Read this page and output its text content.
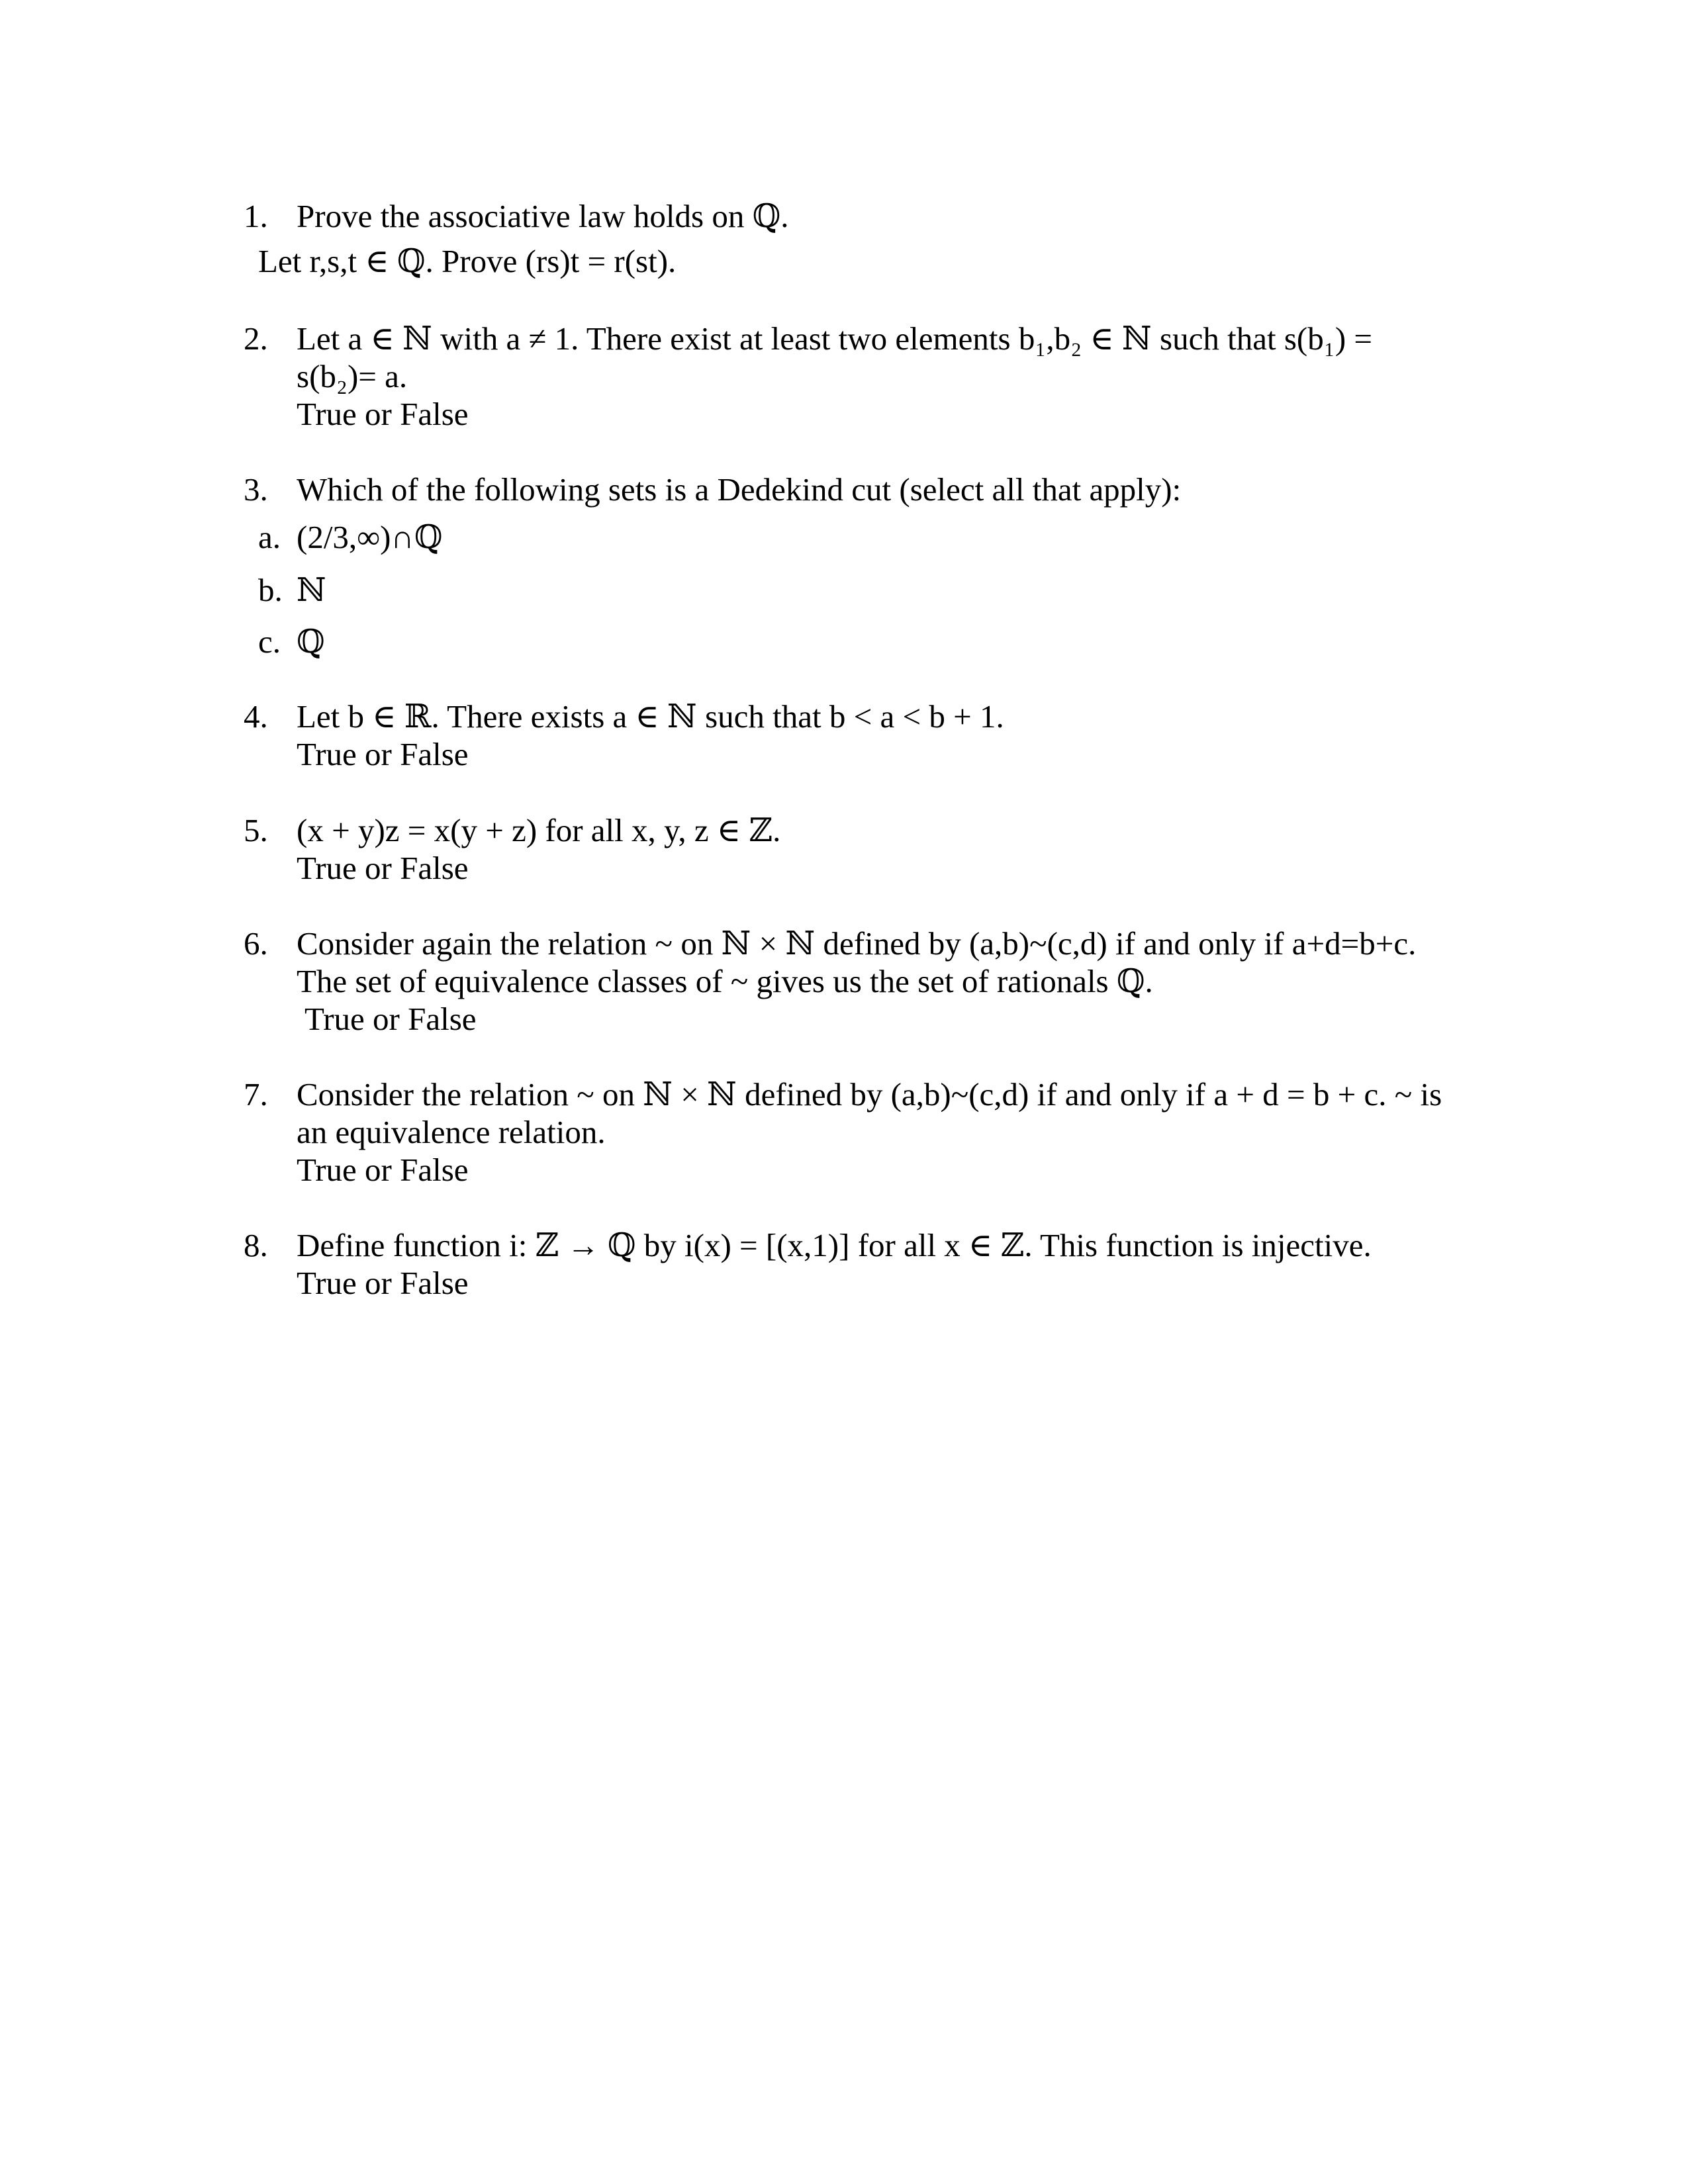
1. Prove the associative law holds on ℚ.
Let r,s,t ∈ ℚ. Prove (rs)t = r(st).
2. Let a ∈ ℕ with a ≠ 1. There exist at least two elements b₁,b₂ ∈ ℕ such that s(b₁) =
s(b₂)= a.
True or False
3. Which of the following sets is a Dedekind cut (select all that apply):
a. (2/3,∞)∩ℚ
b. ℕ
c. ℚ
4. Let b ∈ ℝ. There exists a ∈ ℕ such that b < a < b + 1.
True or False
5. (x + y)z = x(y + z) for all x, y, z ∈ ℤ.
True or False
6. Consider again the relation ~ on ℕ × ℕ defined by (a,b)~(c,d) if and only if a+d=b+c.
The set of equivalence classes of ~ gives us the set of rationals ℚ.
True or False
7. Consider the relation ~ on ℕ × ℕ defined by (a,b)~(c,d) if and only if a + d = b + c. ~ is
an equivalence relation.
True or False
8. Define function i: ℤ → ℚ by i(x) = [(x,1)] for all x ∈ ℤ. This function is injective.
True or False
